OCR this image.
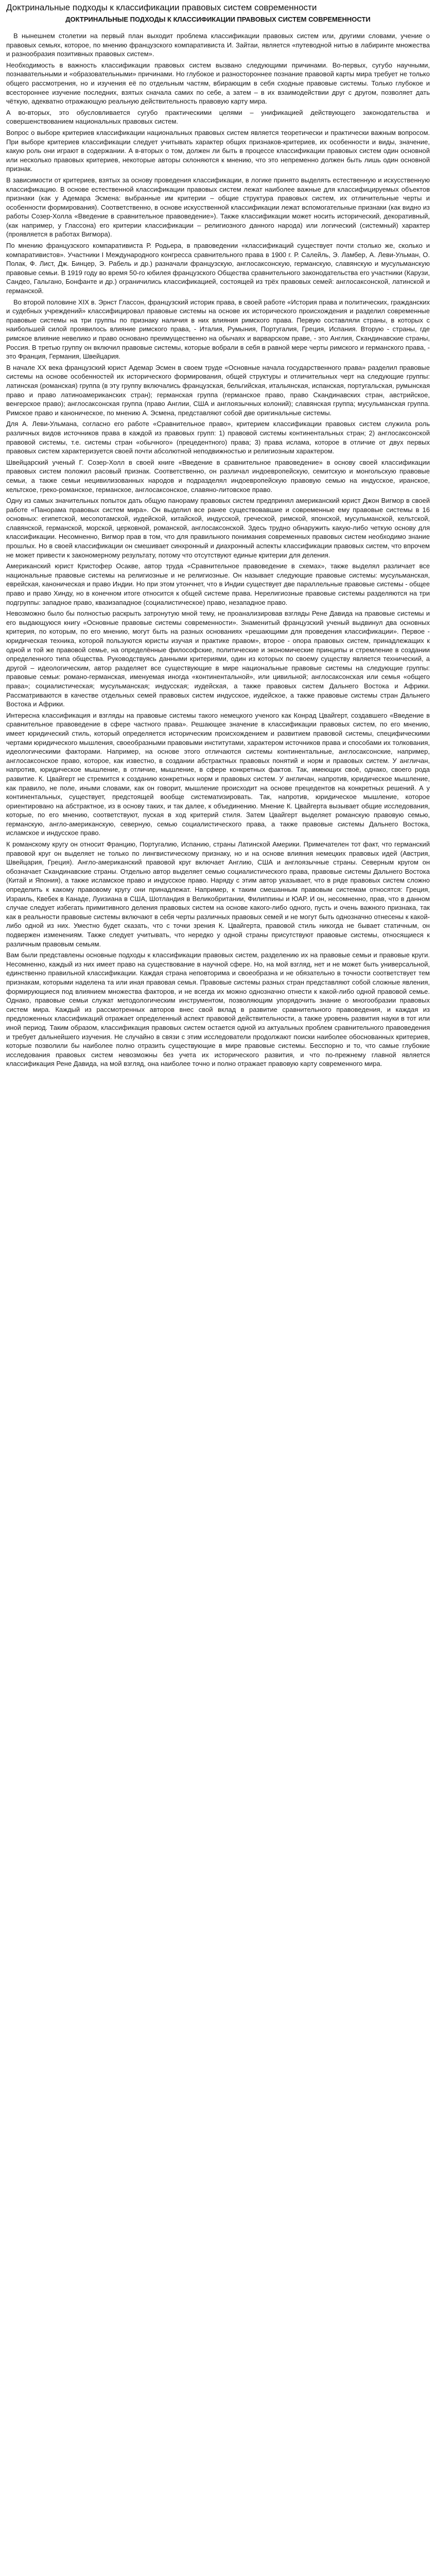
Доктринальные подходы к классификации правовых систем современности
ДОКТРИНАЛЬНЫЕ ПОДХОДЫ К КЛАССИФИКАЦИИ ПРАВОВЫХ СИСТЕМ СОВРЕМЕННОСТИ

В нынешнем столетии на первый план выходит проблема классификации правовых систем или, другими словами, учение о правовых семьях, которое, по мнению французского компаративиста И. Зайтаи, является «путеводной нитью в лабиринте множества и разнообразия позитивных правовых систем».

Необходимость в важность классификации правовых систем вызвано следующими причинами. Во-первых, сугубо научными, познавательными и «образовательными» причинами. Но глубокое и разностороннее познание правовой карты мира требует не только общего рассмотрения, но и изучения её по отдельным частям, вбирающим в себя сходные правовые системы. Только глубокое и всестороннее изучение последних, взятых сначала самих по себе, а затем – в их взаимодействии друг с другом, позволяет дать чёткую, адекватно отражающую реальную действительность правовую карту мира.

А во-вторых, это обусловливается сугубо практическими целями – унификацией действующего законодательства и совершенствованием национальных правовых систем.

Вопрос о выборе критериев классификации национальных правовых систем является теоретически и практически важным вопросом. При выборе критериев классификации следует учитывать характер общих признаков-критериев, их особенности и виды, значение, какую роль они играют в содержании. А в-вторых о том, должен ли быть в процессе классификации правовых систем один основной или несколько правовых критериев, некоторые авторы склоняются к мнению, что это непременно должен быть лишь один основной признак.

В зависимости от критериев, взятых за основу проведения классификации, в логике принято выделять естественную и искусственную классификацию. В основе естественной классификации правовых систем лежат наиболее важные для классифицируемых объектов признаки (как у Адемара Эсмена: выбранные им критерии – общие структура правовых систем, их отличительные черты и особенности формирования). Соответственно, в основе искусственной классификации лежат вспомогательные признаки (как видно из работы Созер-Холла «Введение в сравнительное правоведение»). Также классификации может носить исторический, декоративный, (как например, у Глассона) его критерии классификации – религиозного данного народа) или логический (системный) характер (проявляется в работах Вигмора).

По мнению французского компаративиста Р. Родьера, в правоведении «классификаций существует почти столько же, сколько и компаративистов». Участники I Международного конгресса сравнительного права в 1900 г. Р. Салейль, Э. Ламбер, А. Леви-Ульман, О. Полак, Ф. Лист, Дж. Бинцер, Э. Рабель и др.) разначали французскую, англосаксонскую, германскую, славянскую и мусульманскую правовые семьи. В 1919 году во время 50-го юбилея французского Общества сравнительного законодательства его участники (Карузи, Сандео, Гальгано, Бонфанте и др.) ограничились классификацией, состоящей из трёх правовых семей: англосаксонской, латинской и германской.

Во второй половине XIX в. Эрнст Глассон, французский историк права, в своей работе «История права и политических, гражданских и судебных учреждений» классифицировал правовые системы на основе их исторического происхождения и разделил современные правовые системы на три группы по признаку наличия в них влияния римского права. Первую составляли страны, в которых с наибольшей силой проявилось влияние римского права, - Италия, Румыния, Португалия, Греция, Испания. Вторую - страны, где римское влияние невелико и право основано преимущественно на обычаях и варварском праве, - это Англия, Скандинавские страны, Россия. В третью группу он включил правовые системы, которые вобрали в себя в равной мере черты римского и германского права, - это Франция, Германия, Швейцария.

В начале XX века французский юрист Адемар Эсмен в своем труде «Основные начала государственного права» разделил правовые системы на основе особенностей их исторического формирования, общей структуры и отличительных черт на следующие группы: латинская (романская) группа (в эту группу включались французская, бельгийская, итальянская, испанская, португальская, румынская право и право латиноамериканских стран); германская группа (германское право, право Скандинавских стран, австрийское, венгерское право); англосаксонская группа (право Англии, США и англоязычных колоний); славянская группа; мусульманская группа. Римское право и каноническое, по мнению А. Эсмена, представляют собой две оригинальные системы.

Для А. Леви-Ульмана, согласно его работе «Сравнительное право», критерием классификации правовых систем служила роль различных видов источников права в каждой из правовых групп: 1) правовой системы континентальных стран; 2) англосаксонской правовой системы, т.е. системы стран «обычного» (прецедентного) права; 3) права ислама, которое в отличие от двух первых правовых систем характеризуется своей почти абсолютной неподвижностью и религиозным характером.

Швейцарский ученый Г. Созер-Холл в своей книге «Введение в сравнительное правоведение» в основу своей классификации правовых систем положил расовый признак. Соответственно, он различал индоевропейскую, семитскую и монгольскую правовые семьи, а также семьи нецивилизованных народов и подразделял индоевропейскую правовую семью на индусское, иранское, кельтское, греко-романское, германское, англосаксонское, славяно-литовское право.

Одну из самых значительных попыток дать общую панораму правовых систем предпринял американский юрист Джон Вигмор в своей работе «Панорама правовых систем мира». Он выделил все ранее существовавшие и современные ему правовые системы в 16 основных: египетской, месопотамской, иудейской, китайской, индусской, греческой, римской, японской, мусульманской, кельтской, славянской, германской, морской, церковной, романской, англосаксонской. Здесь трудно обнаружить какую-либо четкую основу для классификации. Несомненно, Вигмор прав в том, что для правильного понимания современных правовых систем необходимо знание прошлых. Но в своей классификации он смешивает синхронный и диахронный аспекты классификации правовых систем, что впрочем не может привести к закономерному результату, потому что отсутствуют единые критерии для деления.

Американский юрист Кристофер Осакве, автор труда «Сравнительное правоведение в схемах», также выделял различает все национальные правовые системы на религиозные и не религиозные. Он называет следующие правовые системы: мусульманская, еврейская, каноническая и право Индии. Но при этом утончнет, что в Индии существует две параллельные правовые системы - общее право и право Хинду, но в конечном итоге относится к общей системе права. Нерелигиозные правовые системы разделяются на три подгруппы: западное право, квазизападное (социалистическое) право, незападное право.

Невозможно было бы полностью раскрыть затронутую мной тему, не проанализировав взгляды Рене Давида на правовые системы и его выдающуюся книгу «Основные правовые системы современности». Знаменитый французский ученый выдвинул два основных критерия, по которым, по его мнению, могут быть на разных основаниях «решающими для проведения классификации». Первое - юридическая техника, которой пользуются юристы изучая и практике правом», второе - опора правовых систем, принадлежащих к одной и той же правовой семье, на определённые философские, политические и экономические принципы и стремление в создании определенного типа общества. Руководствуясь данными критериями, один из которых по своему существу является технический, а другой – идеологическим, автор разделяет все существующие в мире национальные правовые системы на следующие группы: правовые семьи: романо-германская, именуемая иногда «континентальной», или цивильной; англосаксонская или семья «общего права»; социалистическая; мусульманская; индусская; иудейская, а также правовых систем Дальнего Востока и Африки. Рассматриваются в качестве отдельных семей правовых систем индусское, иудейское, а также правовые системы стран Дальнего Востока и Африки.

Интересна классификация и взгляды на правовые системы такого немецкого ученого как Конрад Цвайгерт, создавшего «Введение в сравнительное правоведение в сфере частного права». Решающее значение в классификации правовых систем, по его мнению, имеет юридический стиль, который определяется историческим происхождением и развитием правовой системы, специфическими чертами юридического мышления, своеобразными правовыми институтами, характером источников права и способами их толкования, идеологическими факторами. Например, на основе этого отличаются системы континентальные, англосаксонские, например, англосаксонское право, которое, как известно, в создании абстрактных правовых понятий и норм и правовых систем. У англичан, напротив, юридическое мышление, в отличие, мышление, в сфере конкретных фактов. Так, имеющих своё, однако, своего рода развитие. К. Цвайгерт не стремится к созданию конкретных норм и правовых систем. У англичан, напротив, юридическое мышление, как правило, не поле, иными словами, как он говорит, мышление происходит на основе прецедентов на конкретных решений. А у континентальных, существует, предстоящей вообще систематизировать. Так, напротив, юридическое мышление, которое ориентировано на абстрактное, из в основу таких, и так далее, к объединению. Мнение К. Цвайгерта вызывает общие исследования, которые, по его мнению, соответствуют, пуская в ход критерий стиля. Затем Цвайгерт выделяет романскую правовую семью, германскую, англо-американскую, северную, семью социалистического права, а также правовые системы Дальнего Востока, исламское и индусское право.

К романскому кругу он относит Францию, Португалию, Испанию, страны Латинской Америки. Примечателен тот факт, что германский правовой круг он выделяет не только по лингвистическому признаку, но и на основе влияния немецких правовых идей (Австрия, Швейцария, Греция). Англо-американский правовой круг включает Англию, США и англоязычные страны. Северным кругом он обозначает Скандинавские страны. Отдельно автор выделяет семью социалистического права, правовые системы Дальнего Востока (Китай и Япония), а также исламское право и индусское право. Наряду с этим автор указывает, что в ряде правовых систем сложно определить к какому правовому кругу они принадлежат. Например, к таким смешанным правовым системам относятся: Греция, Израиль, Квебек в Канаде, Луизиана в США, Шотландия в Великобритании, Филиппины и ЮАР. И он, несомненно, прав, что в данном случае следует избегать примитивного деления правовых систем на основе какого-либо одного, пусть и очень важного признака, так как в реальности правовые системы включают в себя черты различных правовых семей и не могут быть однозначно отнесены к какой-либо одной из них. Уместно будет сказать, что с точки зрения К. Цвайгерта, правовой стиль никогда не бывает статичным, он подвержен изменениям. Также следует учитывать, что нередко у одной страны присутствуют правовые системы, относящиеся к различным правовым семьям.

Вам были представлены основные подходы к классификации правовых систем, разделению их на правовые семьи и правовые круги. Несомненно, каждый из них имеет право на существование в научной сфере. Но, на мой взгляд, нет и не может быть универсальной, единственно правильной классификации. Каждая страна неповторима и своеобразна и не обязательно в точности соответствует тем признакам, которыми наделена та или иная правовая семья. Правовые системы разных стран представляют собой сложные явления, формирующиеся под влиянием множества факторов, и не всегда их можно однозначно отнести к какой-либо одной правовой семье. Однако, правовые семьи служат методологическим инструментом, позволяющим упорядочить знание о многообразии правовых систем мира. Каждый из рассмотренных авторов внес свой вклад в развитие сравнительного правоведения, и каждая из предложенных классификаций отражает определенный аспект правовой действительности, а также уровень развития науки в тот или иной период. Таким образом, классификация правовых систем остается одной из актуальных проблем сравнительного правоведения и требует дальнейшего изучения. Не случайно в связи с этим исследователи продолжают поиски наиболее обоснованных критериев, которые позволили бы наиболее полно отразить существующие в мире правовые системы. Бесспорно и то, что самые глубокие исследования правовых систем невозможны без учета их исторического развития, и что по-прежнему главной является классификация Рене Давида, на мой взгляд, она наиболее точно и полно отражает правовую карту современного мира.
